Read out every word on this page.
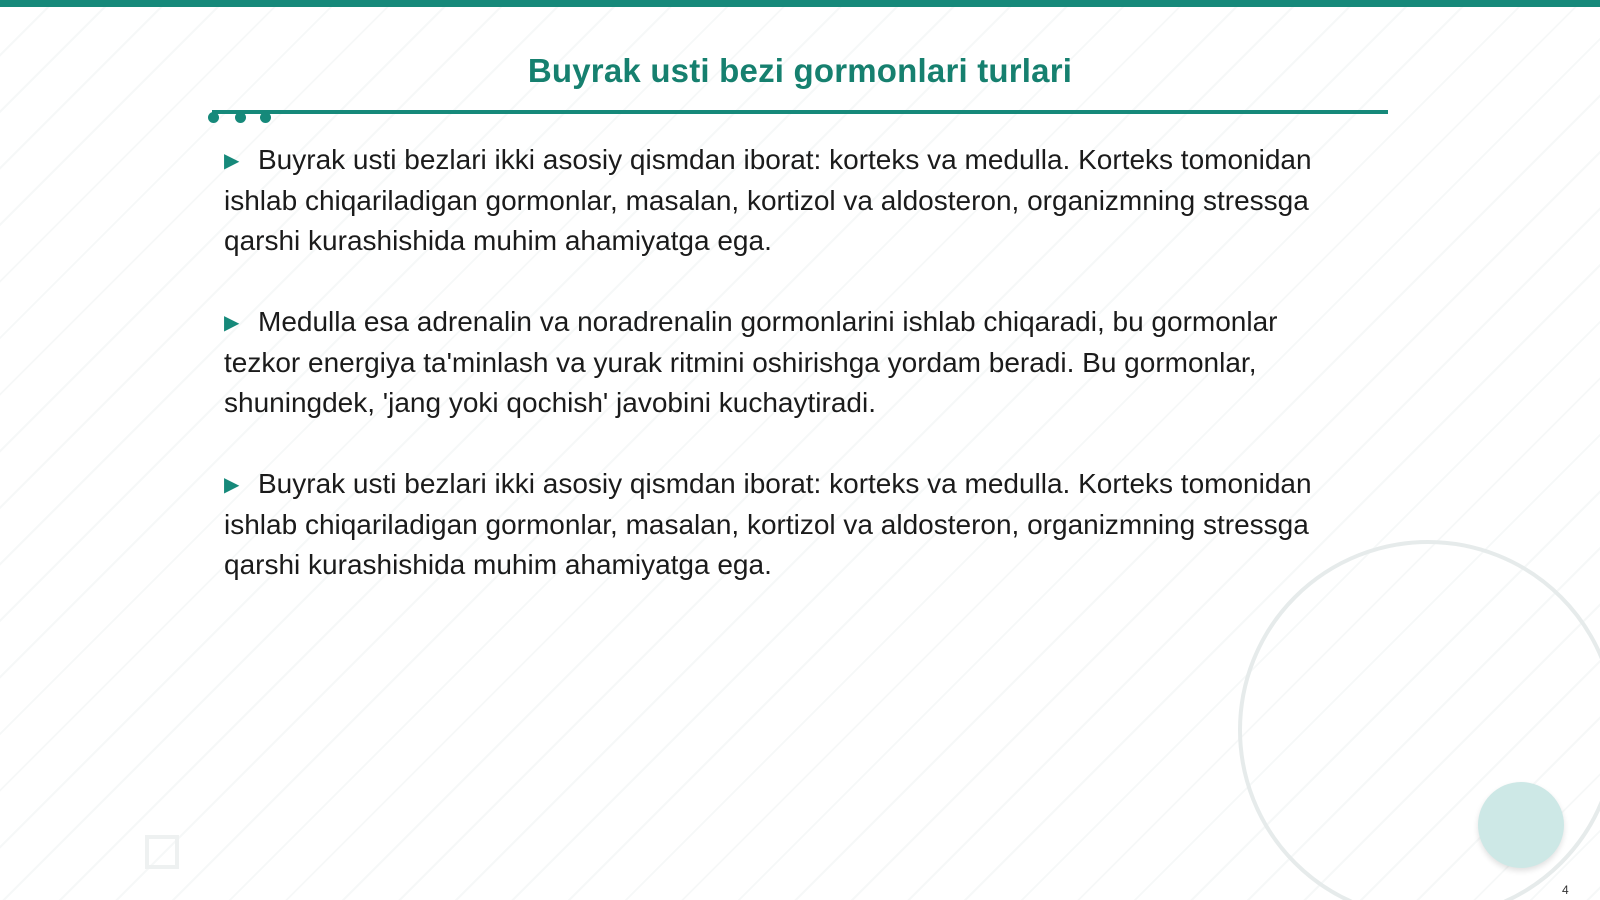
Buyrak usti bezi gormonlari turlari
▶ Buyrak usti bezlari ikki asosiy qismdan iborat: korteks va medulla. Korteks tomonidan ishlab chiqariladigan gormonlar, masalan, kortizol va aldosteron, organizmning stressga qarshi kurashishida muhim ahamiyatga ega.
▶ Medulla esa adrenalin va noradrenalin gormonlarini ishlab chiqaradi, bu gormonlar tezkor energiya ta'minlash va yurak ritmini oshirishga yordam beradi. Bu gormonlar, shuningdek, 'jang yoki qochish' javobini kuchaytiradi.
▶ Buyrak usti bezlari ikki asosiy qismdan iborat: korteks va medulla. Korteks tomonidan ishlab chiqariladigan gormonlar, masalan, kortizol va aldosteron, organizmning stressga qarshi kurashishida muhim ahamiyatga ega.
4
